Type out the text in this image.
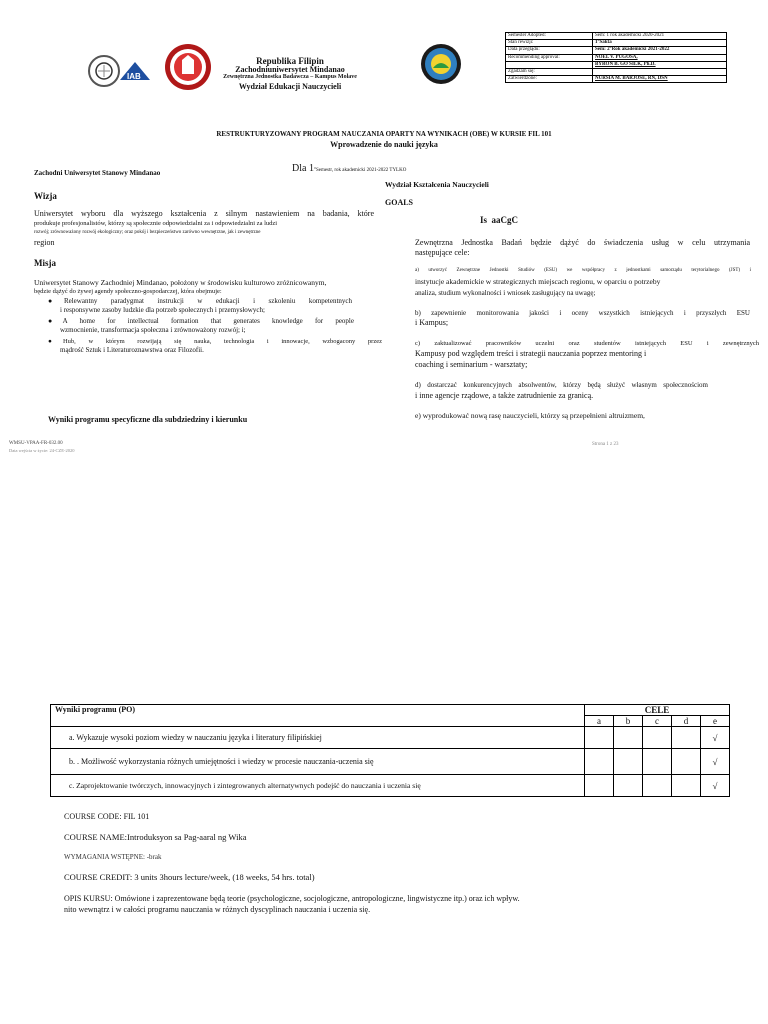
IAB
Republika Filipin
Zachodniuniwersytet Mindanao
Zewnętrzna Jednostka Badawcza – Kampus Molave
Wydział Edukacji Nauczycieli
Semester Adopted:	Sem: 1 rok akademicki 2020-2021
Stan rewizji:	1°Sakta
Data przeglądu:	Sem: 2°Rok akademicki 2021-2022
Recommending approval:	NOEL V. PUGOSA,
	BYRON B. GO SILK, Ph.D.
Zgadzam się:	
Zatwierdzone:	NURSIA M. BARJOSE, RN, DSN
RESTRUKTURYZOWANY PROGRAM NAUCZANIA OPARTY NA WYNIKACH (OBE) W KURSIE FIL 101
Wprowadzenie do nauki języka
Dla 1°Semestr, rok akademicki 2021-2022 TYLKO
Zachodni Uniwersytet Stanowy Mindanao
Wizja
Uniwersytet wyboru dla wyższego kształcenia z silnym nastawieniem na badania, które
produkuje profesjonalistów, którzy są społecznie odpowiedzialni za i odpowiedzialni za ludzi
rozwój; zrównoważony rozwój ekologiczny; oraz pokój i bezpieczeństwo zarówno wewnętrzne, jak i zewnętrzne
region
Misja
Uniwersytet Stanowy Zachodniej Mindanao, położony w środowisku kulturowo zróżnicowanym,
będzie dążyć do żywej agendy społeczno-gospodarczej, która obejmuje:
●Relewantny paradygmat instrukcji w edukacji i szkoleniu kompetentnych
i responsywne zasoby ludzkie dla potrzeb społecznych i przemysłowych;
●A home for intellectual formation that generates knowledge for people
wzmocnienie, transformacja społeczna i zrównoważony rozwój; i;
●Hub, w którym rozwijają się nauka, technologia i innowacje, wzbogacony przez
mądrość Sztuk i Literaturoznawstwa oraz Filozofii.
Wyniki programu specyficzne dla subdziedziny i kierunku
Wydział Kształcenia Nauczycieli
GOALS
Is  aaCgC
Zewnętrzna Jednostka Badań będzie dążyć do świadczenia usług w celu utrzymania
następujące cele:
a) utworzyć Zewnętrzne Jednostki Studiów (ESU) we współpracy z jednostkami samorządu terytorialnego (JST) i
instytucje akademickie w strategicznych miejscach regionu, w oparciu o potrzeby
analiza, studium wykonalności i wniosek zasługujący na uwagę;
b) zapewnienie monitorowania jakości i oceny wszystkich istniejących i przyszłych ESU
i Kampus;
c) zaktualizować pracowników uczelni oraz studentów istniejących ESU i zewnętrznych
Kampusy pod względem treści i strategii nauczania poprzez mentoring i
coaching i seminarium - warsztaty;
d) dostarczać konkurencyjnych absolwentów, którzy będą służyć własnym społecznościom
i inne agencje rządowe, a także zatrudnienie za granicą.
e) wyprodukować nową rasę nauczycieli, którzy są przepełnieni altruizmem,
WMSU-VPAA-FR-032.00
Data wejścia w życie: 24-CZE-2020
Strona 1 z 23
Wyniki programu (PO)	CELE				
	a	b	c	d	e
a. Wykazuje wysoki poziom wiedzy w nauczaniu języka i literatury filipińskiej					√
b. . Możliwość wykorzystania różnych umiejętności i wiedzy w procesie nauczania-uczenia się					√
c. Zaprojektowanie twórczych, innowacyjnych i zintegrowanych alternatywnych podejść do nauczania i uczenia się					√
COURSE CODE: FIL 101
COURSE NAME:Introduksyon sa Pag-aaral ng Wika
WYMAGANIA WSTĘPNE: -brak
COURSE CREDIT: 3 units 3hours lecture/week, (18 weeks, 54 hrs. total)
OPIS KURSU: Omówione i zaprezentowane będą teorie (psychologiczne, socjologiczne, antropologiczne, lingwistyczne itp.) oraz ich wpływ.
nito wewnątrz i w całości programu nauczania w różnych dyscyplinach nauczania i uczenia się.
